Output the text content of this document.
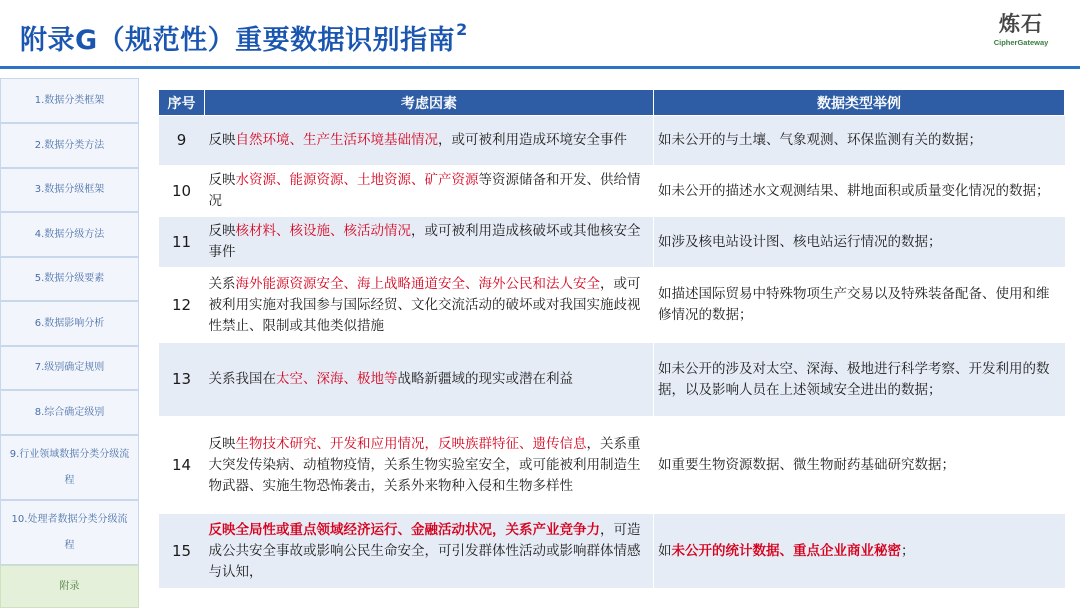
附录G（规范性）重要数据识别指南$^2$	炼石
CipherGateway
1.数据分类框架
2.数据分类方法
3.数据分级框架
4.数据分级方法
5.数据分级要素
6.数据影响分析
7.级别确定规则
8.综合确定级别
9.行业领域数据分类分级流程
10.处理者数据分类分级流程
附录
序号	考虑因素	数据类型举例
9	反映自然环境、生产生活环境基础情况，或可被利用造成环境安全事件	如未公开的与土壤、气象观测、环保监测有关的数据；
10	反映水资源、能源资源、土地资源、矿产资源等资源储备和开发、供给情况	如未公开的描述水文观测结果、耕地面积或质量变化情况的数据；
11	反映核材料、核设施、核活动情况，或可被利用造成核破坏或其他核安全事件	如涉及核电站设计图、核电站运行情况的数据；
12	关系海外能源资源安全、海上战略通道安全、海外公民和法人安全，或可被利用实施对我国参与国际经贸、文化交流活动的破坏或对我国实施歧视性禁止、限制或其他类似措施	如描述国际贸易中特殊物项生产交易以及特殊装备配备、使用和维修情况的数据；
13	关系我国在太空、深海、极地等战略新疆域的现实或潜在利益	如未公开的涉及对太空、深海、极地进行科学考察、开发利用的数据，以及影响人员在上述领域安全进出的数据；
14	反映生物技术研究、开发和应用情况，反映族群特征、遗传信息，关系重大突发传染病、动植物疫情，关系生物实验室安全，或可能被利用制造生物武器、实施生物恐怖袭击，关系外来物种入侵和生物多样性	如重要生物资源数据、微生物耐药基础研究数据；
15	反映全局性或重点领域经济运行、金融活动状况，关系产业竞争力，可造成公共安全事故或影响公民生命安全，可引发群体性活动或影响群体情感与认知，	如未公开的统计数据、重点企业商业秘密；
